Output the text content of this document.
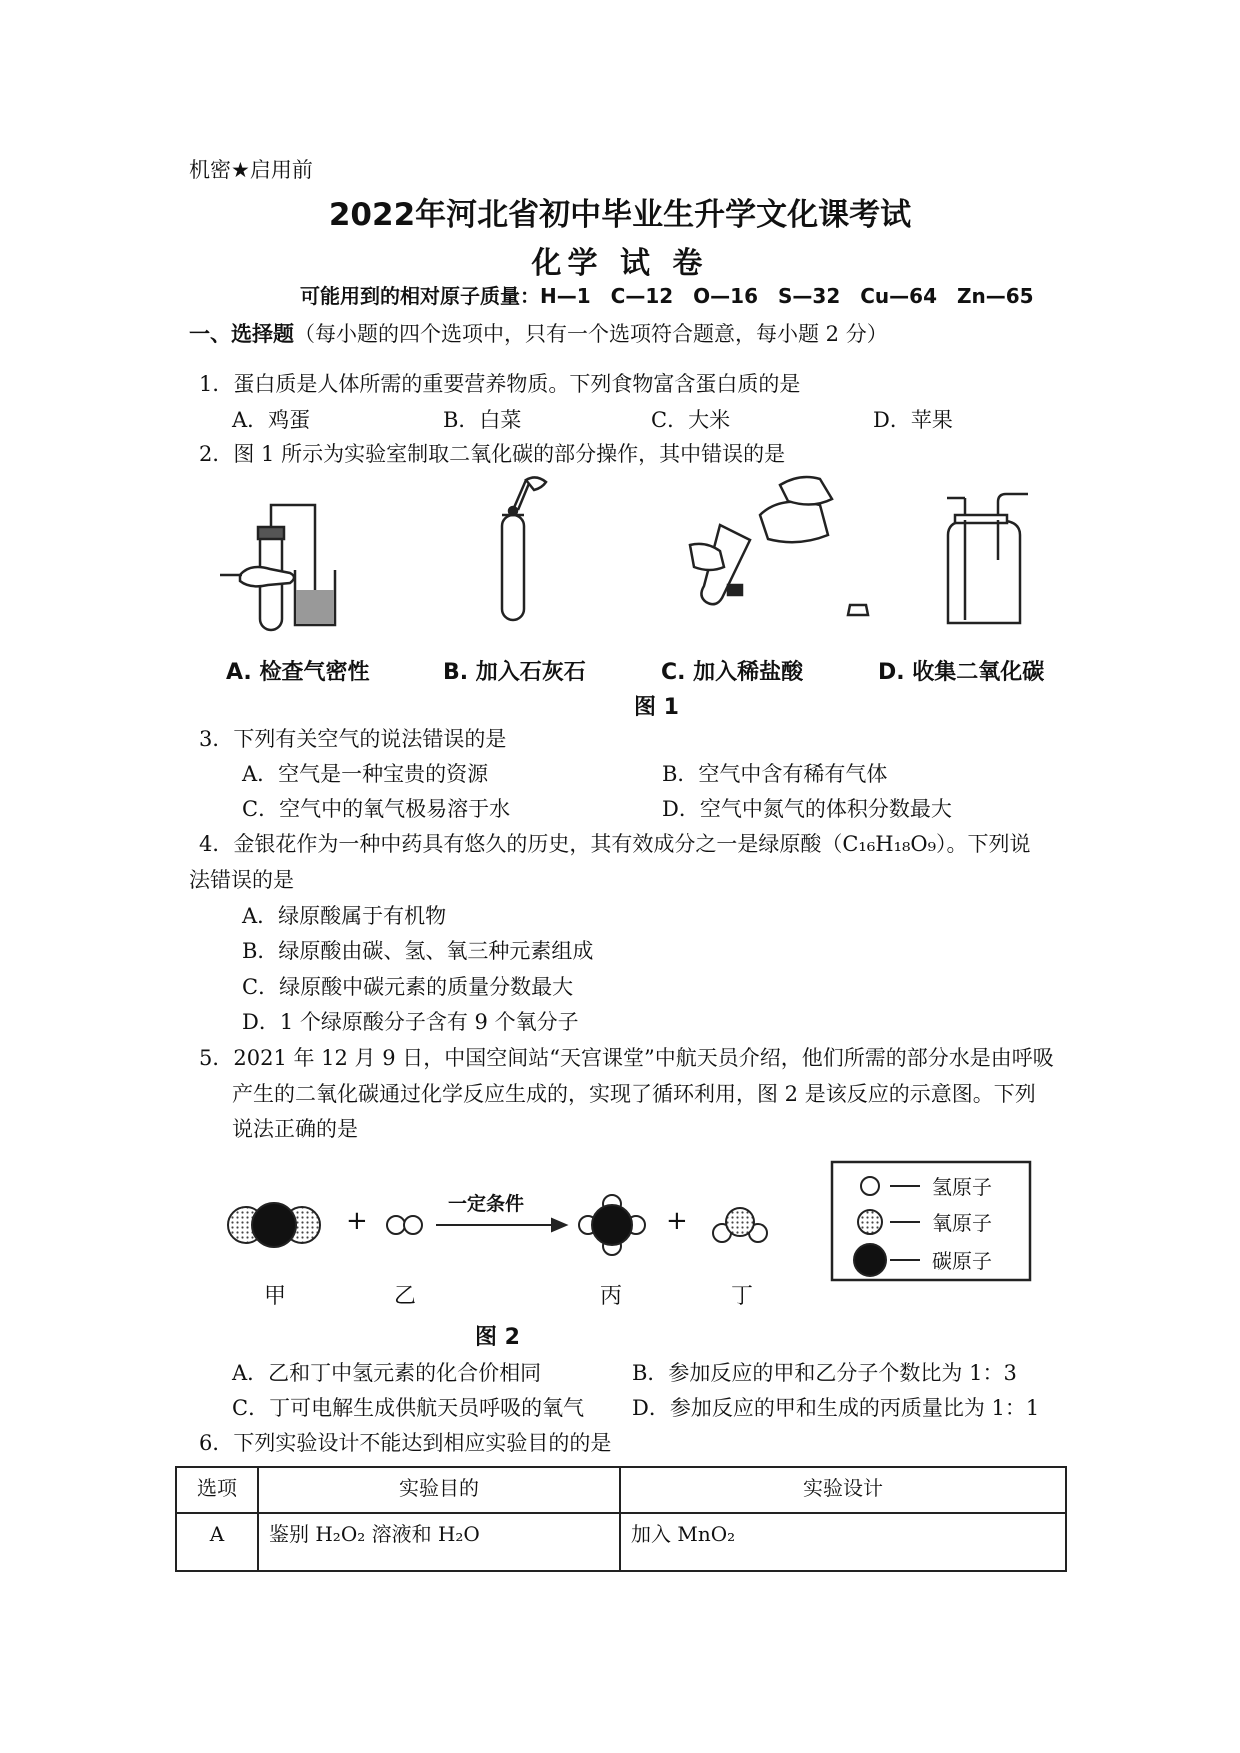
机密★启用前
2022年河北省初中毕业生升学文化课考试
化学 试 卷
可能用到的相对原子质量：H—1　C—12　O—16　S—32　Cu—64　Zn—65
一、选择题（每小题的四个选项中，只有一个选项符合题意，每小题 2 分）
1．蛋白质是人体所需的重要营养物质。下列食物富含蛋白质的是
A．鸡蛋	B．白菜	C．大米	D．苹果
2．图 1 所示为实验室制取二氧化碳的部分操作，其中错误的是
A. 检查气密性	B. 加入石灰石	C. 加入稀盐酸	D. 收集二氧化碳
图 1
3．下列有关空气的说法错误的是
A．空气是一种宝贵的资源	B．空气中含有稀有气体
C．空气中的氧气极易溶于水	D．空气中氮气的体积分数最大
4．金银花作为一种中药具有悠久的历史，其有效成分之一是绿原酸（C₁₆H₁₈O₉）。下列说
法错误的是
A．绿原酸属于有机物
B．绿原酸由碳、氢、氧三种元素组成
C．绿原酸中碳元素的质量分数最大
D．1 个绿原酸分子含有 9 个氧分子
5．2021 年 12 月 9 日，中国空间站“天宫课堂”中航天员介绍，他们所需的部分水是由呼吸
产生的二氧化碳通过化学反应生成的，实现了循环利用，图 2 是该反应的示意图。下列
说法正确的是
+	+
一定条件
氢原子
氧原子
碳原子
甲	乙	丙	丁
图 2
A．乙和丁中氢元素的化合价相同	B．参加反应的甲和乙分子个数比为 1：3
C．丁可电解生成供航天员呼吸的氧气 D．参加反应的甲和生成的丙质量比为 1：1
6．下列实验设计不能达到相应实验目的的是
选项	实验目的	实验设计
A	鉴别 H₂O₂ 溶液和 H₂O	加入 MnO₂
